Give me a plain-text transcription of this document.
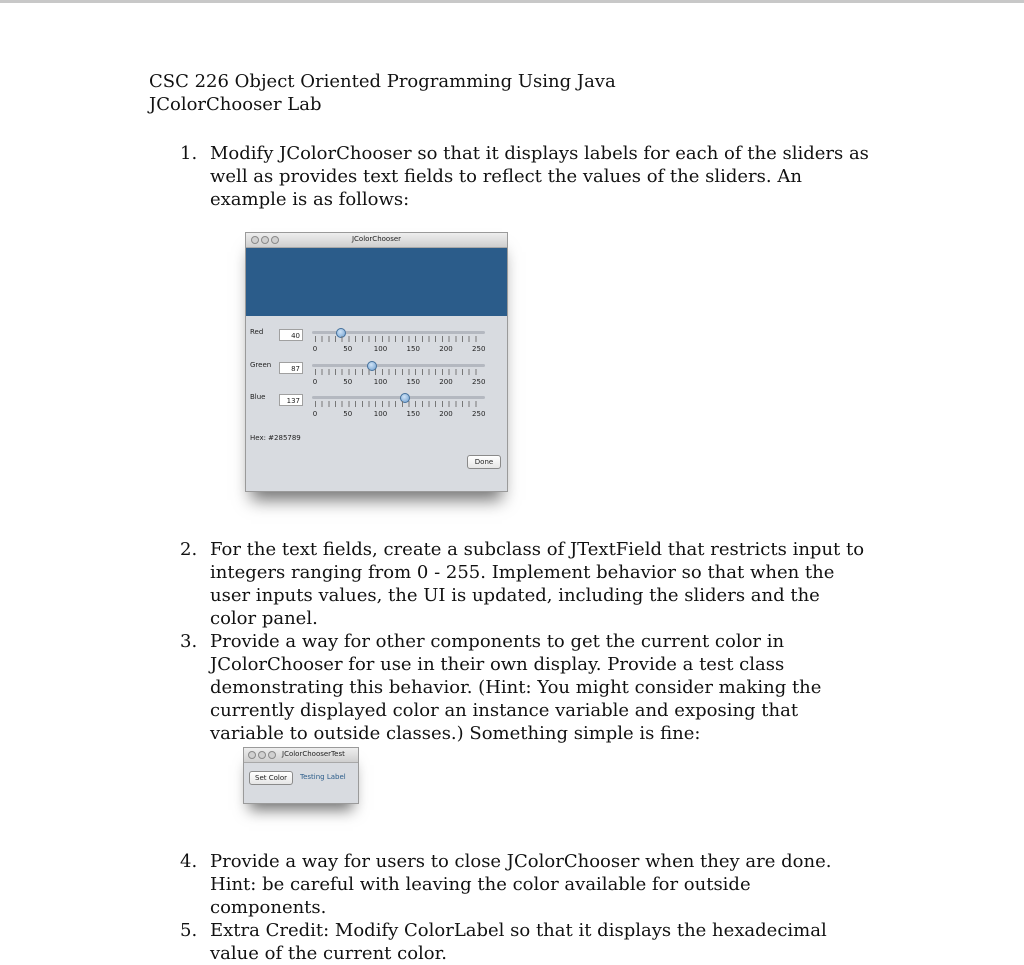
CSC 226 Object Oriented Programming Using Java
JColorChooser Lab
1. Modify JColorChooser so that it displays labels for each of the sliders as well as provides text fields to reflect the values of the sliders. An example is as follows:
JColorChooser
Red	40
0	50	100	150	200	250
Green	87
0	50	100	150	200	250
Blue	137
0	50	100	150	200	250
Hex: #285789
Done
2. For the text fields, create a subclass of JTextField that restricts input to integers ranging from 0 - 255. Implement behavior so that when the user inputs values, the UI is updated, including the sliders and the color panel.
3. Provide a way for other components to get the current color in JColorChooser for use in their own display. Provide a test class demonstrating this behavior. (Hint: You might consider making the currently displayed color an instance variable and exposing that variable to outside classes.) Something simple is fine:
JColorChooserTest
Set Color	Testing Label
4. Provide a way for users to close JColorChooser when they are done. Hint: be careful with leaving the color available for outside components.
5. Extra Credit: Modify ColorLabel so that it displays the hexadecimal value of the current color.
